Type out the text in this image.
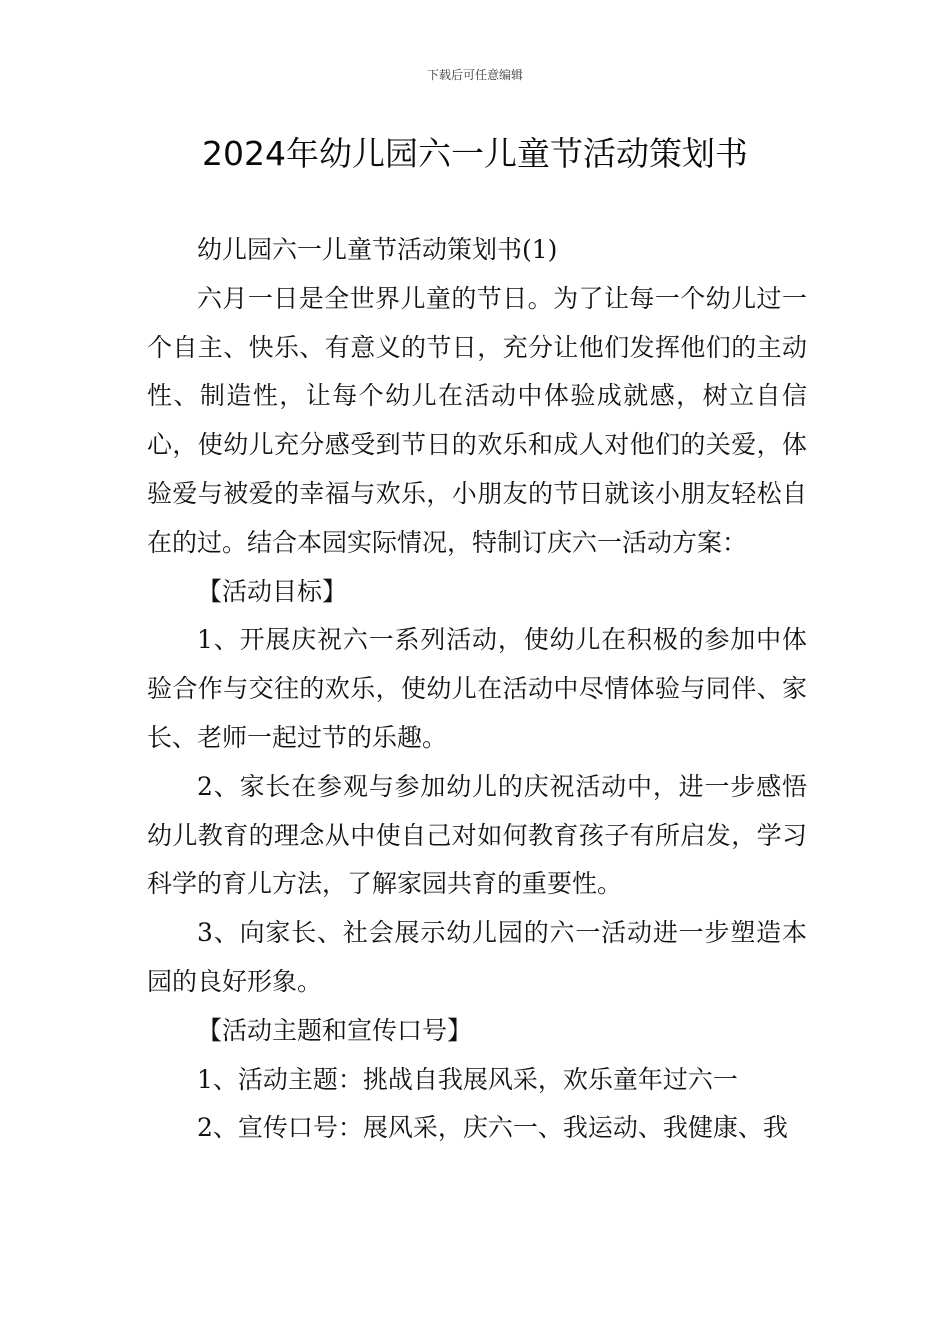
下载后可任意编辑
2024年幼儿园六一儿童节活动策划书

幼儿园六一儿童节活动策划书(1)

六月一日是全世界儿童的节日。为了让每一个幼儿过一个自主、快乐、有意义的节日，充分让他们发挥他们的主动性、制造性，让每个幼儿在活动中体验成就感，树立自信心，使幼儿充分感受到节日的欢乐和成人对他们的关爱，体验爱与被爱的幸福与欢乐，小朋友的节日就该小朋友轻松自在的过。结合本园实际情况，特制订庆六一活动方案：

【活动目标】

1、开展庆祝六一系列活动，使幼儿在积极的参加中体验合作与交往的欢乐，使幼儿在活动中尽情体验与同伴、家长、老师一起过节的乐趣。

2、家长在参观与参加幼儿的庆祝活动中，进一步感悟幼儿教育的理念从中使自己对如何教育孩子有所启发，学习科学的育儿方法，了解家园共育的重要性。

3、向家长、社会展示幼儿园的六一活动进一步塑造本园的良好形象。

【活动主题和宣传口号】

1、活动主题：挑战自我展风采，欢乐童年过六一

2、宣传口号：展风采，庆六一、我运动、我健康、我
